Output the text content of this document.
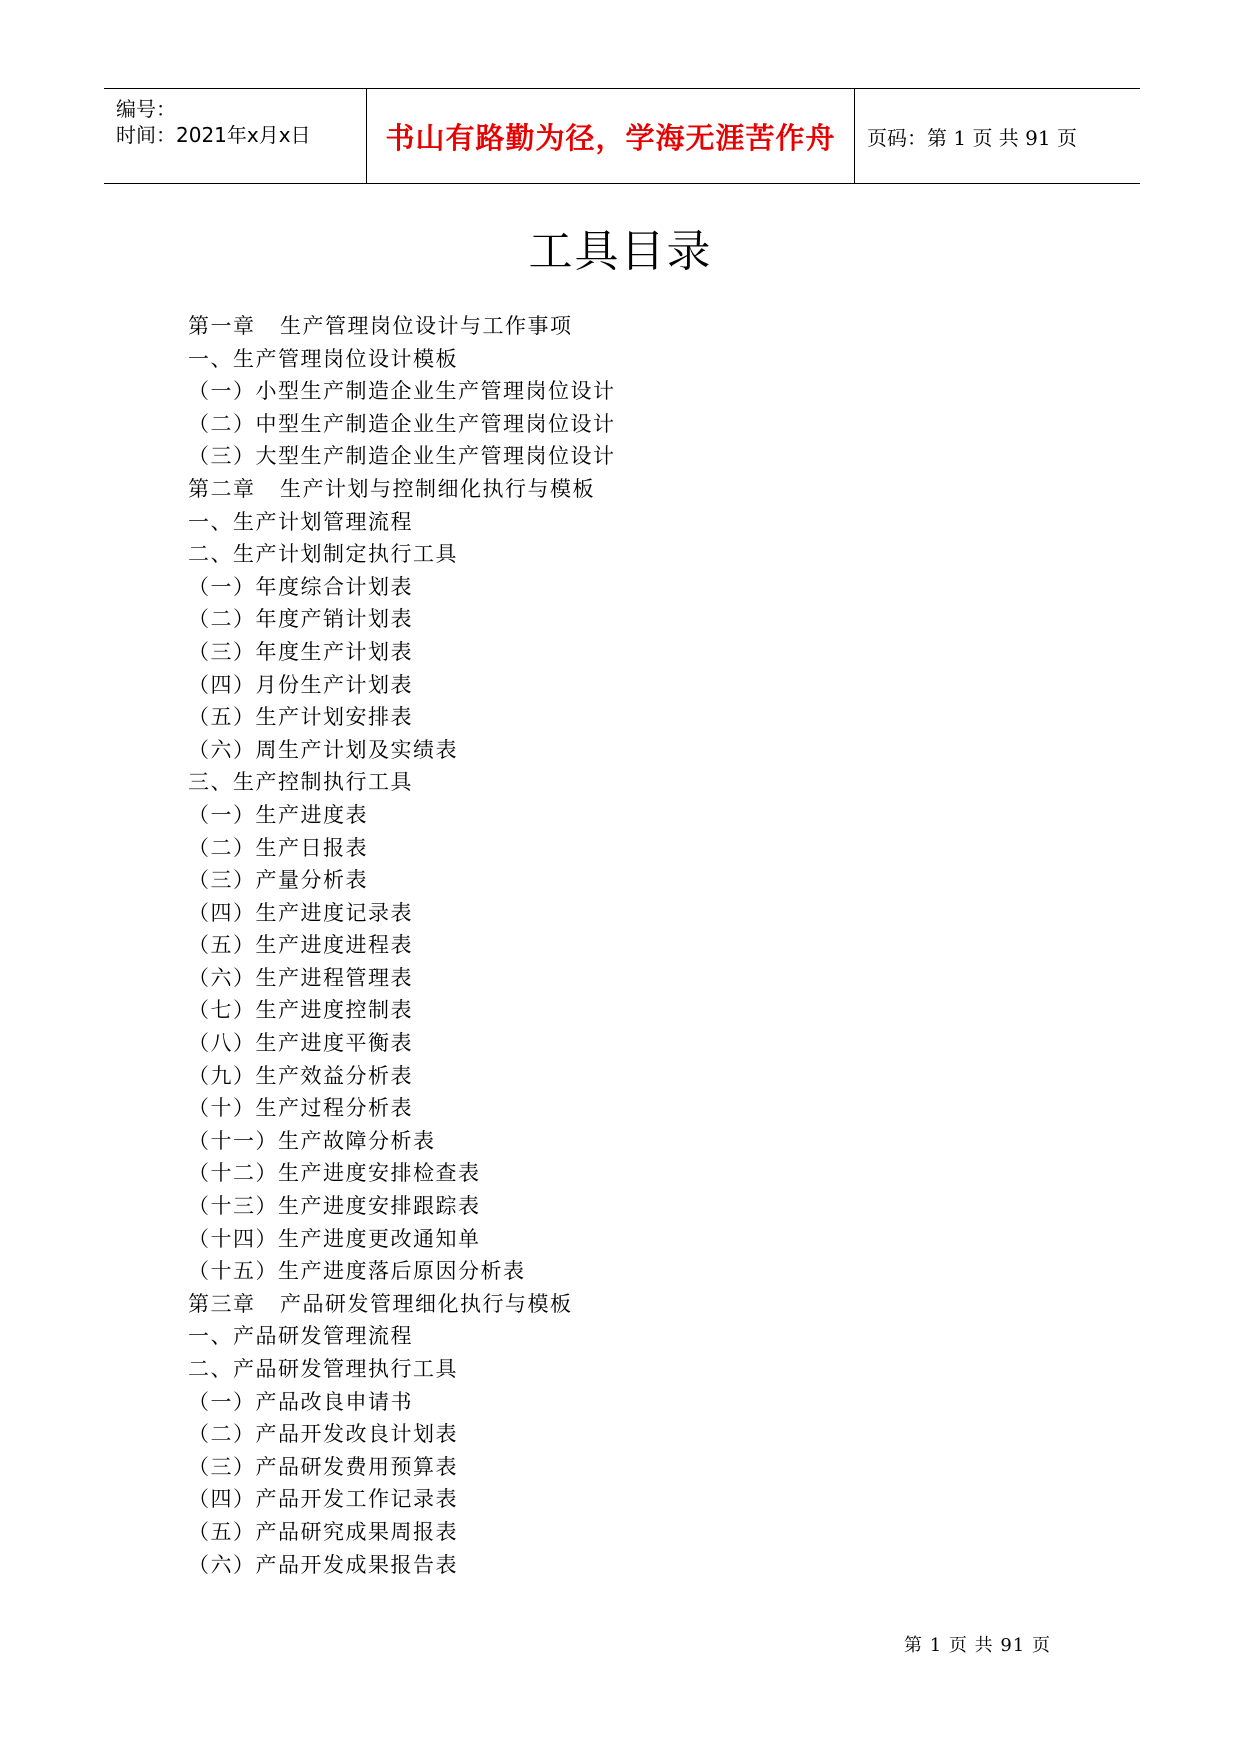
编号：
时间：2021年x月x日	书山有路勤为径，学海无涯苦作舟 页码：第 1 页 共 91 页
工具目录
第一章   生产管理岗位设计与工作事项
一、生产管理岗位设计模板
（一）小型生产制造企业生产管理岗位设计
（二）中型生产制造企业生产管理岗位设计
（三）大型生产制造企业生产管理岗位设计
第二章   生产计划与控制细化执行与模板
一、生产计划管理流程
二、生产计划制定执行工具
（一）年度综合计划表
（二）年度产销计划表
（三）年度生产计划表
（四）月份生产计划表
（五）生产计划安排表
（六）周生产计划及实绩表
三、生产控制执行工具
（一）生产进度表
（二）生产日报表
（三）产量分析表
（四）生产进度记录表
（五）生产进度进程表
（六）生产进程管理表
（七）生产进度控制表
（八）生产进度平衡表
（九）生产效益分析表
（十）生产过程分析表
（十一）生产故障分析表
（十二）生产进度安排检查表
（十三）生产进度安排跟踪表
（十四）生产进度更改通知单
（十五）生产进度落后原因分析表
第三章   产品研发管理细化执行与模板
一、产品研发管理流程
二、产品研发管理执行工具
（一）产品改良申请书
（二）产品开发改良计划表
（三）产品研发费用预算表
（四）产品开发工作记录表
（五）产品研究成果周报表
（六）产品开发成果报告表
第 1 页 共 91 页
